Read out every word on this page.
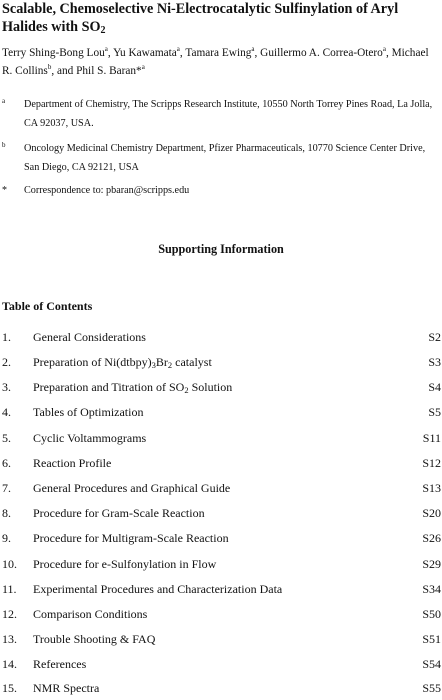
Scalable, Chemoselective Ni-Electrocatalytic Sulfinylation of Aryl
Halides with $SO_2$
Terry Shing-Bong Lou$^a$, Yu Kawamata$^a$, Tamara Ewing$^a$, Guillermo A. Correa-Otero$^a$, Michael R. Collins$^b$, and Phil S. Baran*$^a$
a Department of Chemistry, The Scripps Research Institute, 10550 North Torrey Pines Road, La Jolla,
CA 92037, USA.
b Oncology Medicinal Chemistry Department, Pfizer Pharmaceuticals, 10770 Science Center Drive,
San Diego, CA 92121, USA
* Correspondence to: pbaran@scripps.edu
Supporting Information
Table of Contents
1. General Considerations	S2
2. Preparation of $Ni(dtbpy)_3Br_2$ catalyst	S3
3. Preparation and Titration of $SO_2$ Solution	S4
4. Tables of Optimization	S5
5. Cyclic Voltammograms	S11
6. Reaction Profile	S12
7. General Procedures and Graphical Guide	S13
8. Procedure for Gram-Scale Reaction	S20
9. Procedure for Multigram-Scale Reaction	S26
10. Procedure for e-Sulfonylation in Flow	S29
11. Experimental Procedures and Characterization Data	S34
12. Comparison Conditions	S50
13. Trouble Shooting & FAQ	S51
14. References	S54
15. NMR Spectra	S55
